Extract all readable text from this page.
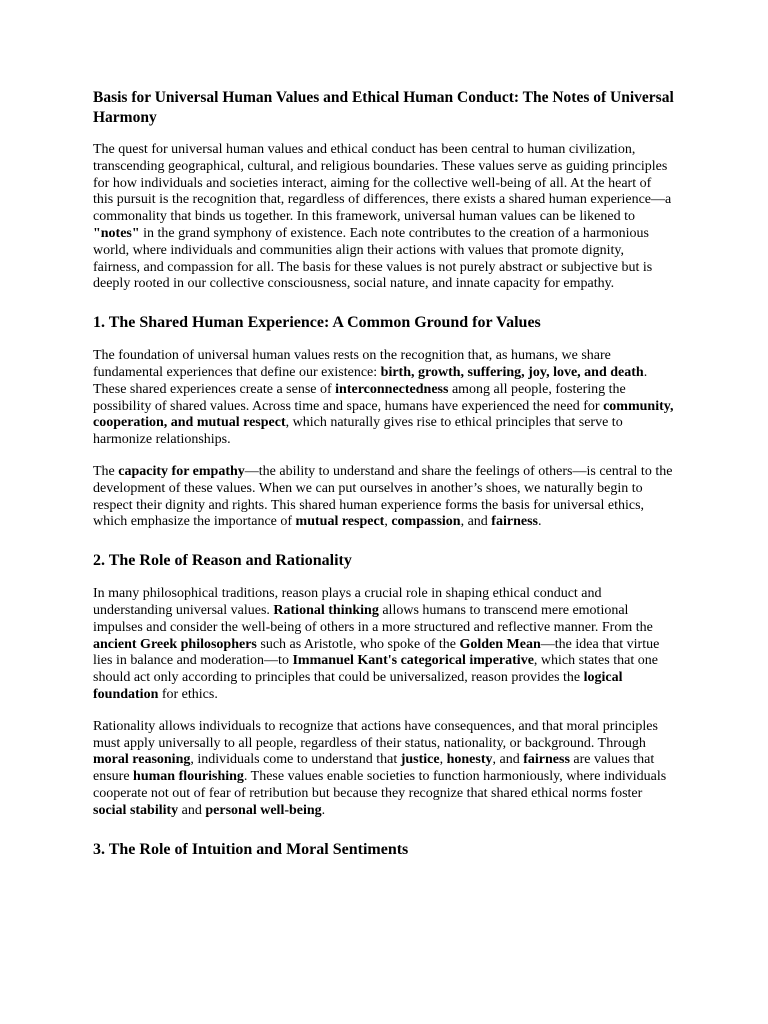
Basis for Universal Human Values and Ethical Human Conduct: The Notes of Universal Harmony

The quest for universal human values and ethical conduct has been central to human civilization, transcending geographical, cultural, and religious boundaries. These values serve as guiding principles for how individuals and societies interact, aiming for the collective well-being of all. At the heart of this pursuit is the recognition that, regardless of differences, there exists a shared human experience—a commonality that binds us together. In this framework, universal human values can be likened to "notes" in the grand symphony of existence. Each note contributes to the creation of a harmonious world, where individuals and communities align their actions with values that promote dignity, fairness, and compassion for all. The basis for these values is not purely abstract or subjective but is deeply rooted in our collective consciousness, social nature, and innate capacity for empathy.

1. The Shared Human Experience: A Common Ground for Values

The foundation of universal human values rests on the recognition that, as humans, we share fundamental experiences that define our existence: birth, growth, suffering, joy, love, and death. These shared experiences create a sense of interconnectedness among all people, fostering the possibility of shared values. Across time and space, humans have experienced the need for community, cooperation, and mutual respect, which naturally gives rise to ethical principles that serve to harmonize relationships.

The capacity for empathy—the ability to understand and share the feelings of others—is central to the development of these values. When we can put ourselves in another’s shoes, we naturally begin to respect their dignity and rights. This shared human experience forms the basis for universal ethics, which emphasize the importance of mutual respect, compassion, and fairness.

2. The Role of Reason and Rationality

In many philosophical traditions, reason plays a crucial role in shaping ethical conduct and understanding universal values. Rational thinking allows humans to transcend mere emotional impulses and consider the well-being of others in a more structured and reflective manner. From the ancient Greek philosophers such as Aristotle, who spoke of the Golden Mean—the idea that virtue lies in balance and moderation—to Immanuel Kant's categorical imperative, which states that one should act only according to principles that could be universalized, reason provides the logical foundation for ethics.

Rationality allows individuals to recognize that actions have consequences, and that moral principles must apply universally to all people, regardless of their status, nationality, or background. Through moral reasoning, individuals come to understand that justice, honesty, and fairness are values that ensure human flourishing. These values enable societies to function harmoniously, where individuals cooperate not out of fear of retribution but because they recognize that shared ethical norms foster social stability and personal well-being.

3. The Role of Intuition and Moral Sentiments
